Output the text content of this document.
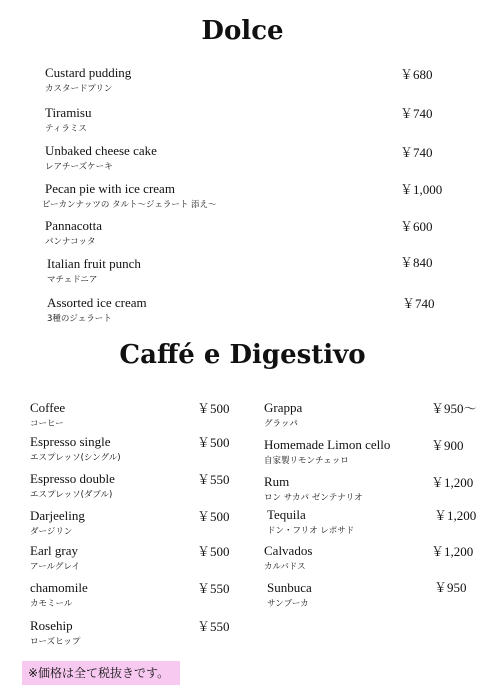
Dolce
Custard pudding
カスタードプリン
￥680
Tiramisu
ティラミス
￥740
Unbaked cheese cake
レアチーズケーキ
￥740
Pecan pie with ice cream
ピーカンナッツの タルト～ジェラート 添え～
￥1,000
Pannacotta
パンナコッタ
￥600
Italian fruit punch
マチェドニア
￥840
Assorted ice cream
3種のジェラート
￥740
Caffé e Digestivo
Coffee
コーヒー
￥500
Espresso single
エスプレッソ(シングル)
￥500
Espresso double
エスプレッソ(ダブル)
￥550
Darjeeling
ダージリン
￥500
Earl gray
アールグレイ
￥500
chamomile
カモミール
￥550
Rosehip
ローズヒップ
￥550
Grappa
グラッパ
￥950～
Homemade Limon cello
自家製リモンチェッロ
￥900
Rum
ロン サカパ ゼンテナリオ
￥1,200
Tequila
ドン・フリオ レポサド
￥1,200
Calvados
カルバドス
￥1,200
Sunbuca
サンブーカ
￥950
※価格は全て税抜きです。
